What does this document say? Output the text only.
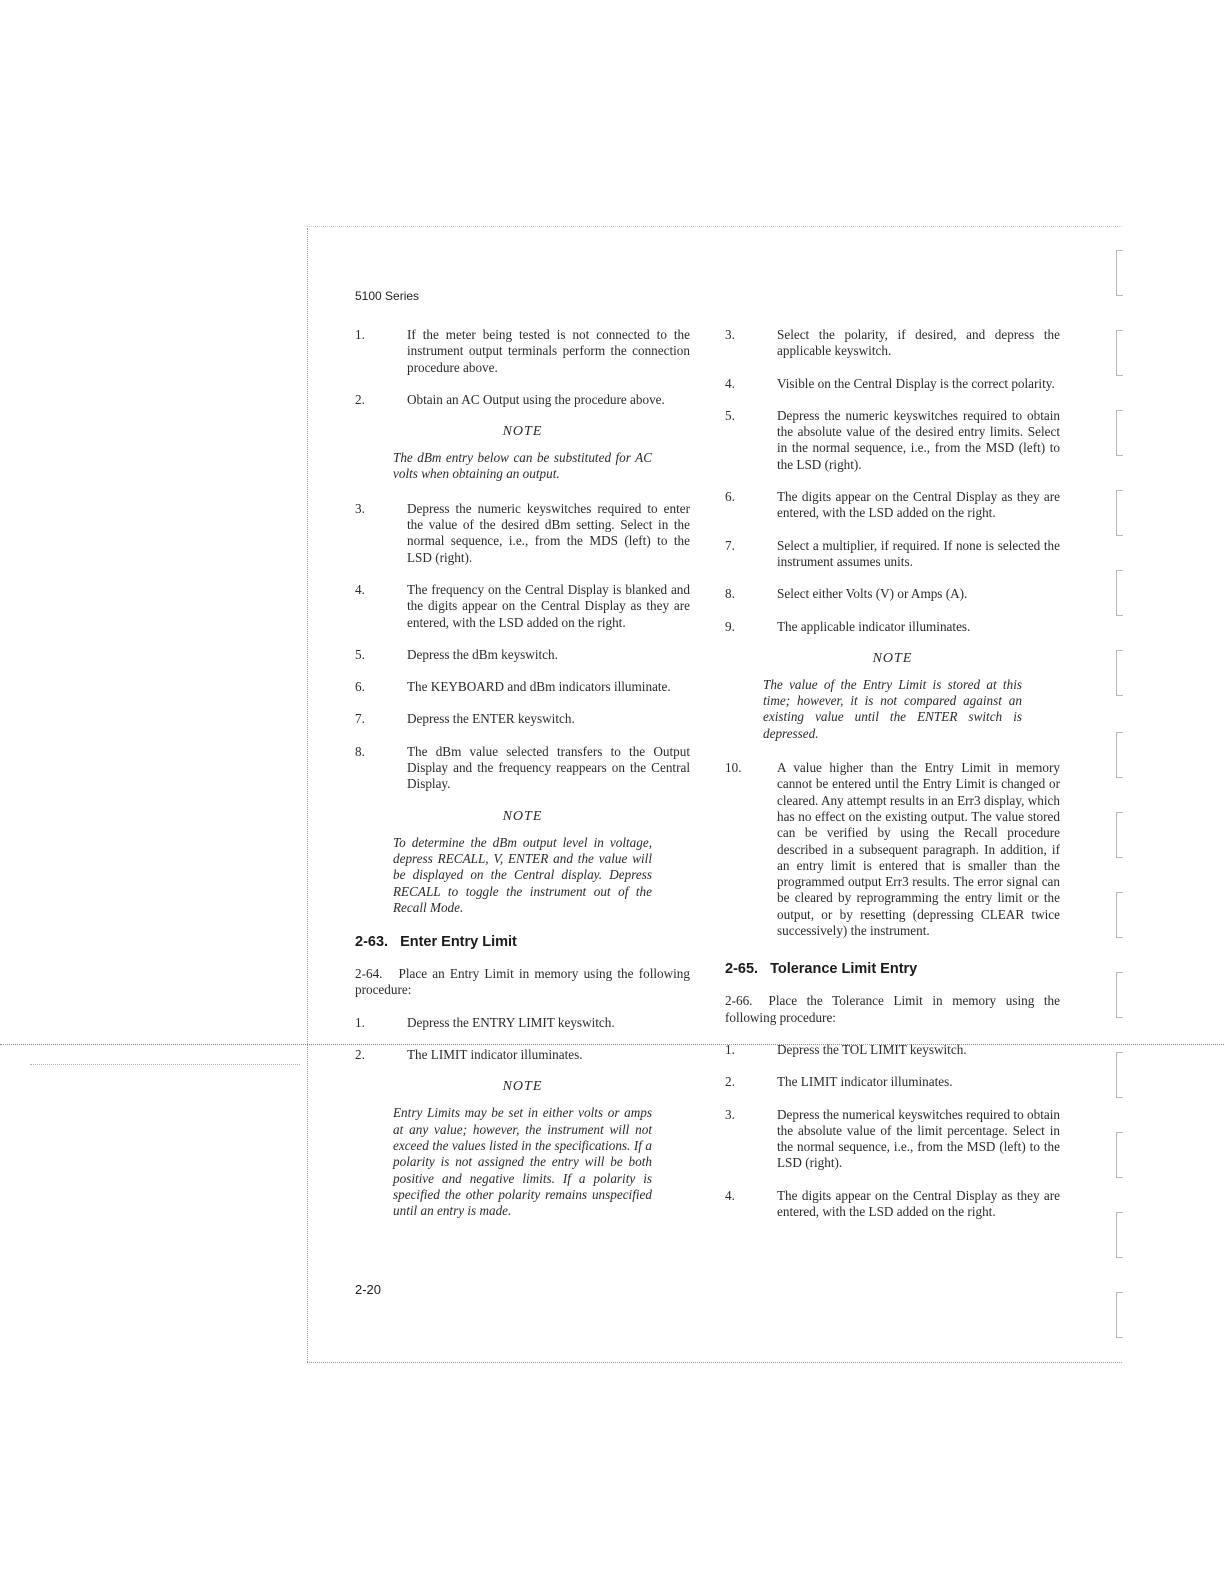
5100 Series
1.	If the meter being tested is not connected to the instrument output terminals perform the connection procedure above.
2.	Obtain an AC Output using the procedure above.
NOTE
The dBm entry below can be substituted for AC volts when obtaining an output.
3.	Depress the numeric keyswitches required to enter the value of the desired dBm setting. Select in the normal sequence, i.e., from the MDS (left) to the LSD (right).
4.	The frequency on the Central Display is blanked and the digits appear on the Central Display as they are entered, with the LSD added on the right.
5.	Depress the dBm keyswitch.
6.	The KEYBOARD and dBm indicators illuminate.
7.	Depress the ENTER keyswitch.
8.	The dBm value selected transfers to the Output Display and the frequency reappears on the Central Display.
NOTE
To determine the dBm output level in voltage, depress RECALL, V, ENTER and the value will be displayed on the Central display. Depress RECALL to toggle the instrument out of the Recall Mode.
2-63. Enter Entry Limit
2-64. Place an Entry Limit in memory using the following procedure:
1.	Depress the ENTRY LIMIT keyswitch.
2.	The LIMIT indicator illuminates.
NOTE
Entry Limits may be set in either volts or amps at any value; however, the instrument will not exceed the values listed in the specifications. If a polarity is not assigned the entry will be both positive and negative limits. If a polarity is specified the other polarity remains unspecified until an entry is made.
3.	Select the polarity, if desired, and depress the applicable keyswitch.
4.	Visible on the Central Display is the correct polarity.
5.	Depress the numeric keyswitches required to obtain the absolute value of the desired entry limits. Select in the normal sequence, i.e., from the MSD (left) to the LSD (right).
6.	The digits appear on the Central Display as they are entered, with the LSD added on the right.
7.	Select a multiplier, if required. If none is selected the instrument assumes units.
8.	Select either Volts (V) or Amps (A).
9.	The applicable indicator illuminates.
NOTE
The value of the Entry Limit is stored at this time; however, it is not compared against an existing value until the ENTER switch is depressed.
10.	A value higher than the Entry Limit in memory cannot be entered until the Entry Limit is changed or cleared. Any attempt results in an Err3 display, which has no effect on the existing output. The value stored can be verified by using the Recall procedure described in a subsequent paragraph. In addition, if an entry limit is entered that is smaller than the programmed output Err3 results. The error signal can be cleared by reprogramming the entry limit or the output, or by resetting (depressing CLEAR twice successively) the instrument.
2-65. Tolerance Limit Entry
2-66. Place the Tolerance Limit in memory using the following procedure:
1.	Depress the TOL LIMIT keyswitch.
2.	The LIMIT indicator illuminates.
3.	Depress the numerical keyswitches required to obtain the absolute value of the limit percentage. Select in the normal sequence, i.e., from the MSD (left) to the LSD (right).
4.	The digits appear on the Central Display as they are entered, with the LSD added on the right.
2-20
